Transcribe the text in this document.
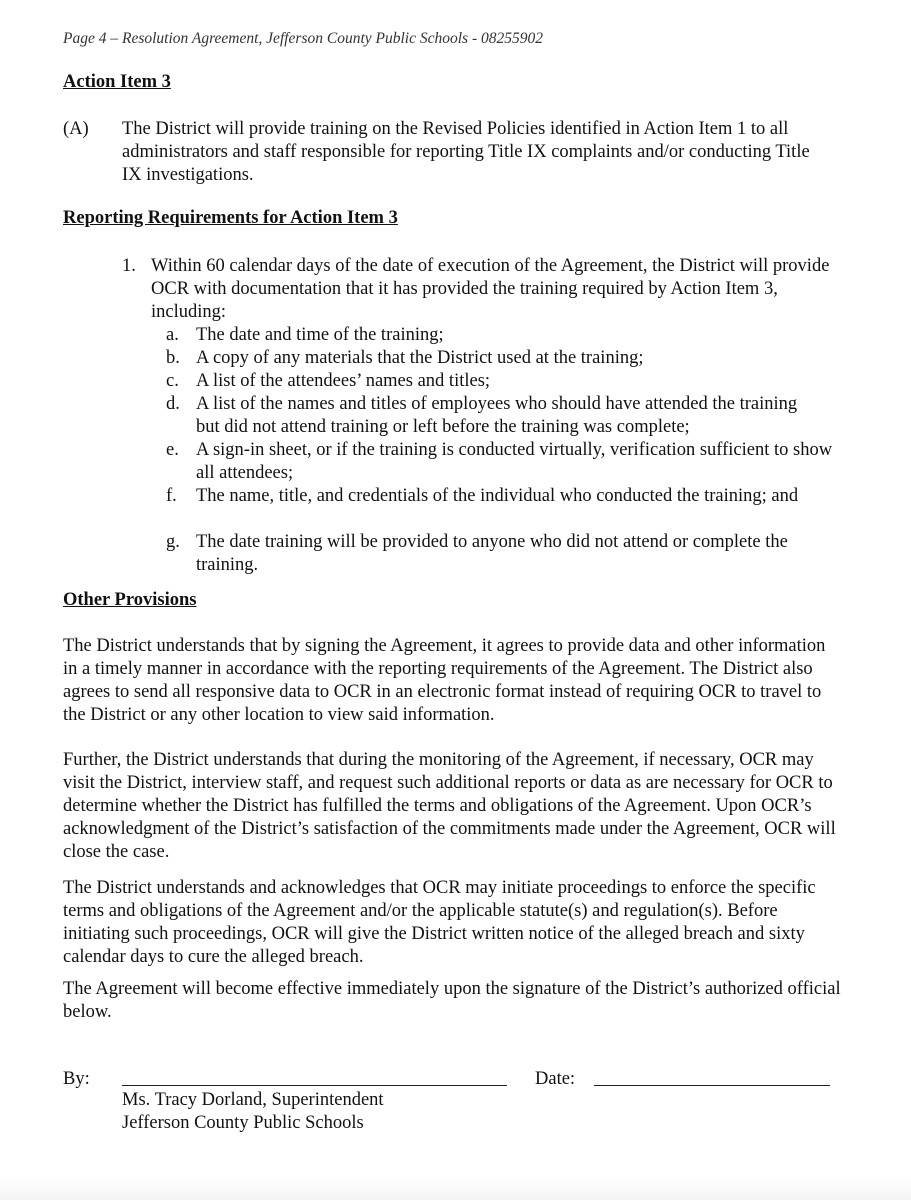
Page 4 – Resolution Agreement, Jefferson County Public Schools - 08255902

Action Item 3

(A) The District will provide training on the Revised Policies identified in Action Item 1 to all administrators and staff responsible for reporting Title IX complaints and/or conducting Title IX investigations.

Reporting Requirements for Action Item 3

1. Within 60 calendar days of the date of execution of the Agreement, the District will provide OCR with documentation that it has provided the training required by Action Item 3, including:

a. The date and time of the training;

b. A copy of any materials that the District used at the training;

c. A list of the attendees’ names and titles;

d. A list of the names and titles of employees who should have attended the training but did not attend training or left before the training was complete;

e. A sign-in sheet, or if the training is conducted virtually, verification sufficient to show all attendees;

f. The name, title, and credentials of the individual who conducted the training; and

g. The date training will be provided to anyone who did not attend or complete the training.

Other Provisions

The District understands that by signing the Agreement, it agrees to provide data and other information in a timely manner in accordance with the reporting requirements of the Agreement. The District also agrees to send all responsive data to OCR in an electronic format instead of requiring OCR to travel to the District or any other location to view said information.

Further, the District understands that during the monitoring of the Agreement, if necessary, OCR may visit the District, interview staff, and request such additional reports or data as are necessary for OCR to determine whether the District has fulfilled the terms and obligations of the Agreement. Upon OCR’s acknowledgment of the District’s satisfaction of the commitments made under the Agreement, OCR will close the case.

The District understands and acknowledges that OCR may initiate proceedings to enforce the specific terms and obligations of the Agreement and/or the applicable statute(s) and regulation(s). Before initiating such proceedings, OCR will give the District written notice of the alleged breach and sixty calendar days to cure the alleged breach.

The Agreement will become effective immediately upon the signature of the District’s authorized official below.

By:	Date:

Ms. Tracy Dorland, Superintendent

Jefferson County Public Schools
